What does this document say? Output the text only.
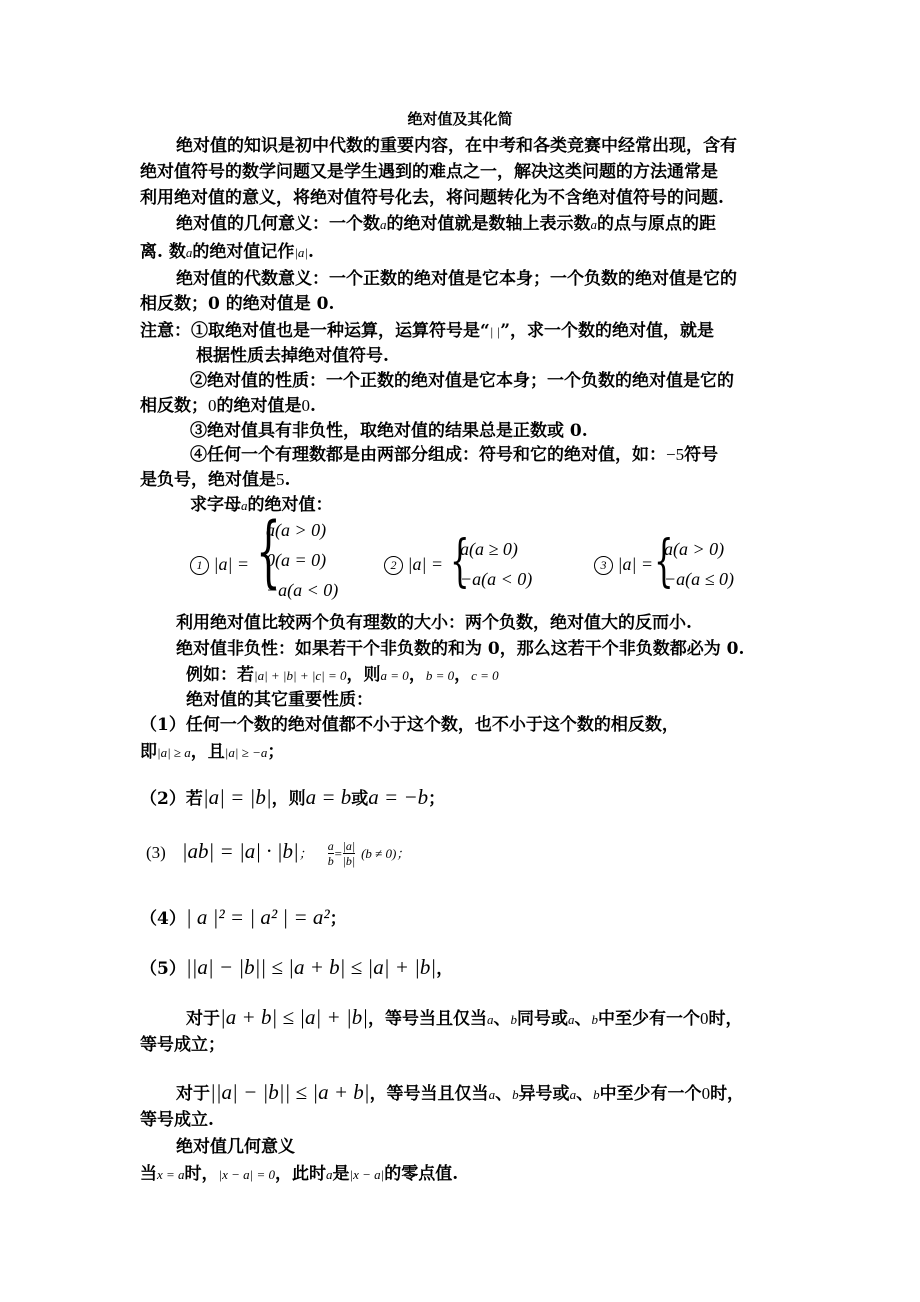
绝对值及其化简
绝对值的知识是初中代数的重要内容，在中考和各类竞赛中经常出现，含有
绝对值符号的数学问题又是学生遇到的难点之一，解决这类问题的方法通常是
利用绝对值的意义，将绝对值符号化去，将问题转化为不含绝对值符号的问题.
绝对值的几何意义：一个数a的绝对值就是数轴上表示数a的点与原点的距
离. 数a的绝对值记作|a|.
绝对值的代数意义：一个正数的绝对值是它本身；一个负数的绝对值是它的
相反数；0 的绝对值是 0.
注意：①取绝对值也是一种运算，运算符号是“| |”，求一个数的绝对值，就是
根据性质去掉绝对值符号.
②绝对值的性质：一个正数的绝对值是它本身；一个负数的绝对值是它的
相反数；0的绝对值是0.
③绝对值具有非负性，取绝对值的结果总是正数或 0.
④任何一个有理数都是由两部分组成：符号和它的绝对值，如：−5符号
是负号，绝对值是5.
求字母a的绝对值：
1 |a| = {
a(a > 0)
0(a = 0)
−a(a < 0)
2 |a| = {
a(a ≥ 0)
−a(a < 0)
3 |a| = {
a(a > 0)
−a(a ≤ 0)
利用绝对值比较两个负有理数的大小：两个负数，绝对值大的反而小.
绝对值非负性：如果若干个非负数的和为 0，那么这若干个非负数都必为 0.
例如：若|a| + |b| + |c| = 0，则a = 0，b = 0，c = 0
绝对值的其它重要性质：
（1）任何一个数的绝对值都不小于这个数，也不小于这个数的相反数，
即|a| ≥ a，且|a| ≥ −a；
（2）若|a| = |b|，则a = b或a = −b；
(3) |ab| = |a| · |b|； $\frac{a}{b} = \frac{|a|}{|b|} (b \ne 0)$；
（4）| a |² = | a² | = a²；
（5）||a| − |b|| ≤ |a + b| ≤ |a| + |b|，
对于|a + b| ≤ |a| + |b|，等号当且仅当a、b同号或a、b中至少有一个0时，
等号成立；
对于||a| − |b|| ≤ |a + b|，等号当且仅当a、b异号或a、b中至少有一个0时，
等号成立.
绝对值几何意义
当x = a时，|x − a| = 0，此时a是|x − a|的零点值.
